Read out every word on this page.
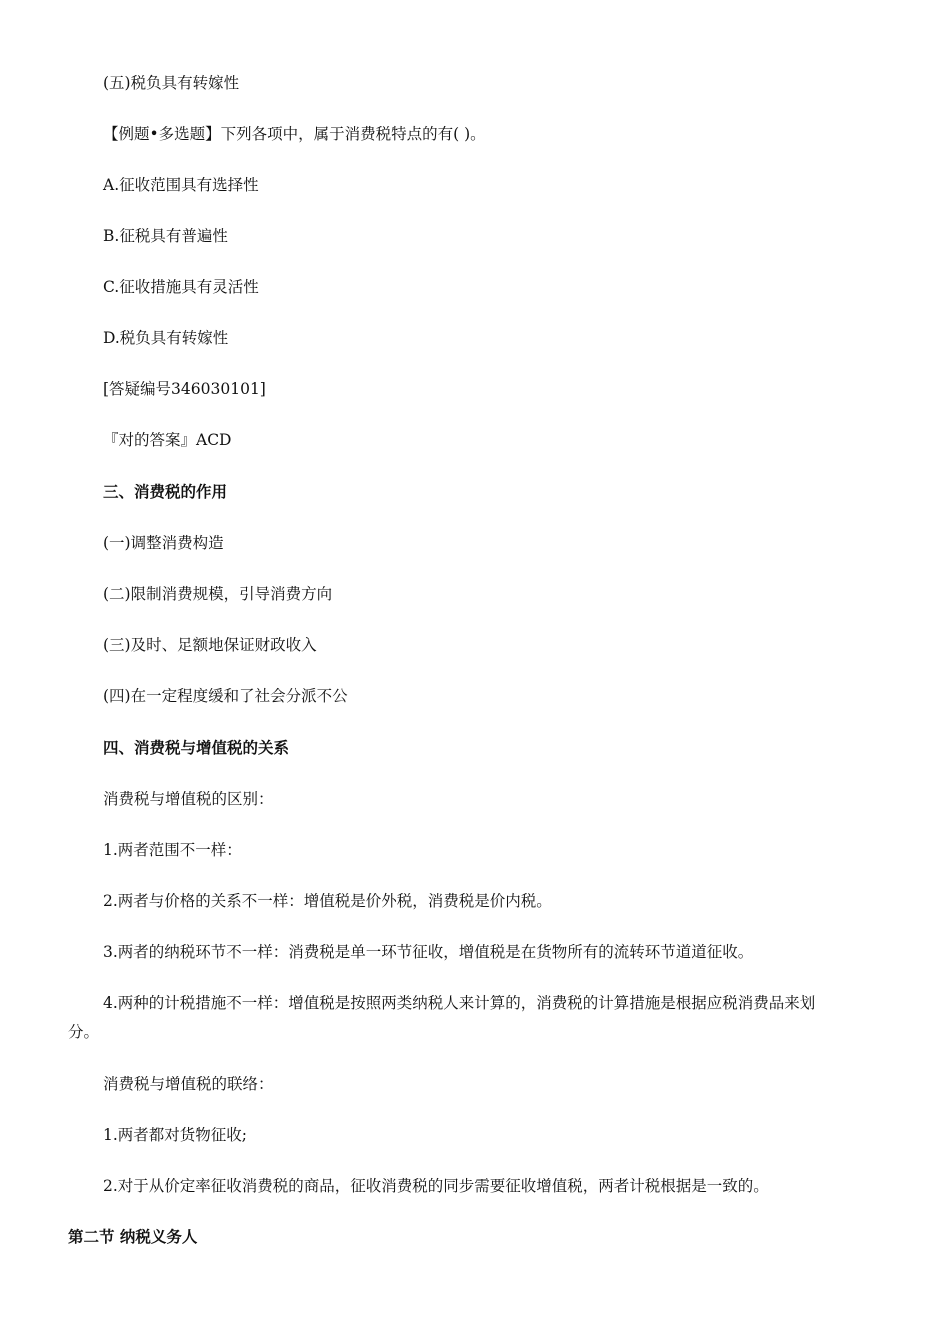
(五)税负具有转嫁性
【例题•多选题】下列各项中，属于消费税特点的有( )。
A.征收范围具有选择性
B.征税具有普遍性
C.征收措施具有灵活性
D.税负具有转嫁性
[答疑编号346030101]
『对的答案』ACD
三、消费税的作用
(一)调整消费构造
(二)限制消费规模，引导消费方向
(三)及时、足额地保证财政收入
(四)在一定程度缓和了社会分派不公
四、消费税与增值税的关系
消费税与增值税的区别：
1.两者范围不一样：
2.两者与价格的关系不一样：增值税是价外税，消费税是价内税。
3.两者的纳税环节不一样：消费税是单一环节征收，增值税是在货物所有的流转环节道道征收。
4.两种的计税措施不一样：增值税是按照两类纳税人来计算的，消费税的计算措施是根据应税消费品来划
分。
消费税与增值税的联络：
1.两者都对货物征收;
2.对于从价定率征收消费税的商品，征收消费税的同步需要征收增值税，两者计税根据是一致的。
第二节 纳税义务人
